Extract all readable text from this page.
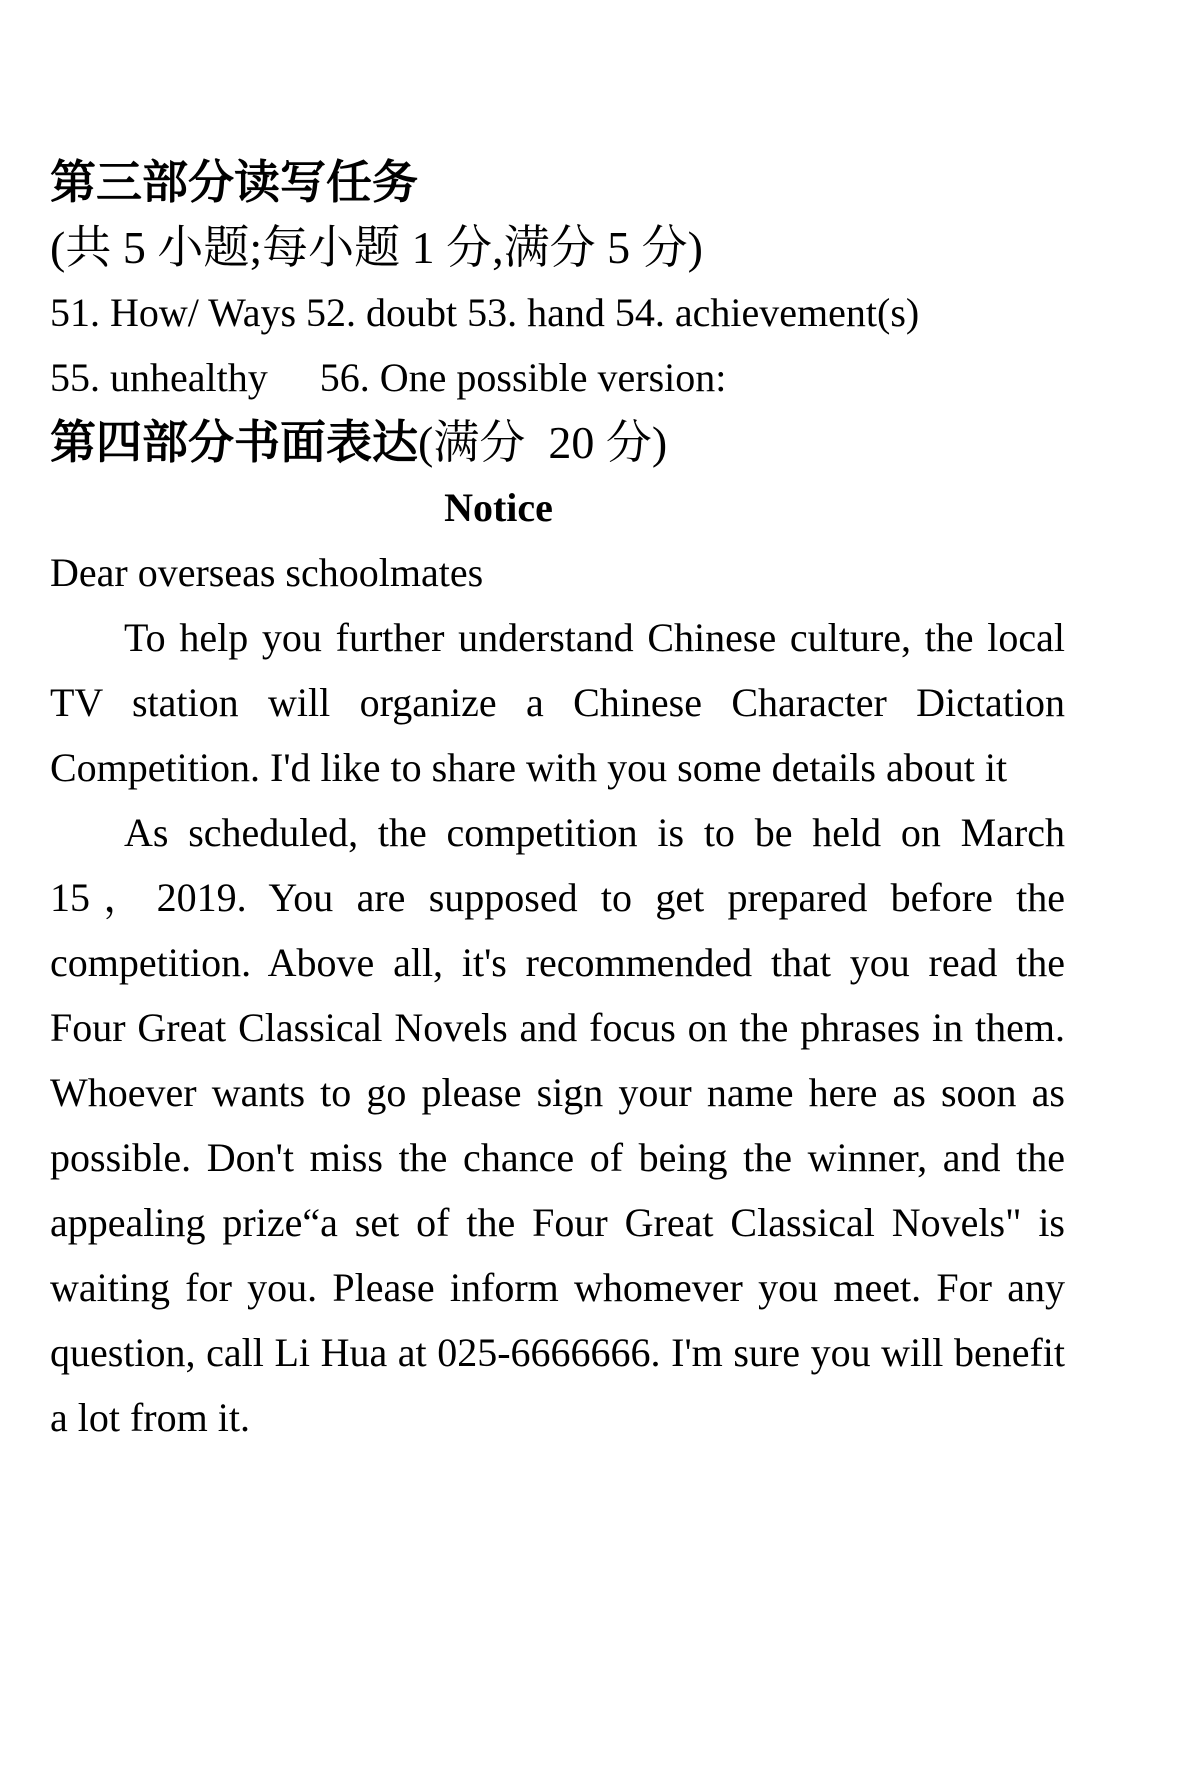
第三部分读写任务(共 5 小题;每小题 1 分,满分 5 分)

51. How/ Ways 52. doubt 53. hand 54. achievement(s)

55. unhealthy 56. One possible version:

第四部分书面表达(满分  20 分)
Notice

Dear overseas schoolmates

To help you further understand Chinese culture, the local TV station will organize a Chinese Character Dictation Competition. I'd like to share with you some details about it

As scheduled, the competition is to be held on March 15，2019. You are supposed to get prepared before the competition. Above all, it's recommended that you read the Four Great Classical Novels and focus on the phrases in them. Whoever wants to go please sign your name here as soon as possible. Don't miss the chance of being the winner, and the appealing prize“a set of the Four Great Classical Novels" is waiting for you. Please inform whomever you meet. For any question, call Li Hua at 025-6666666. I'm sure you will benefit a lot from it.
